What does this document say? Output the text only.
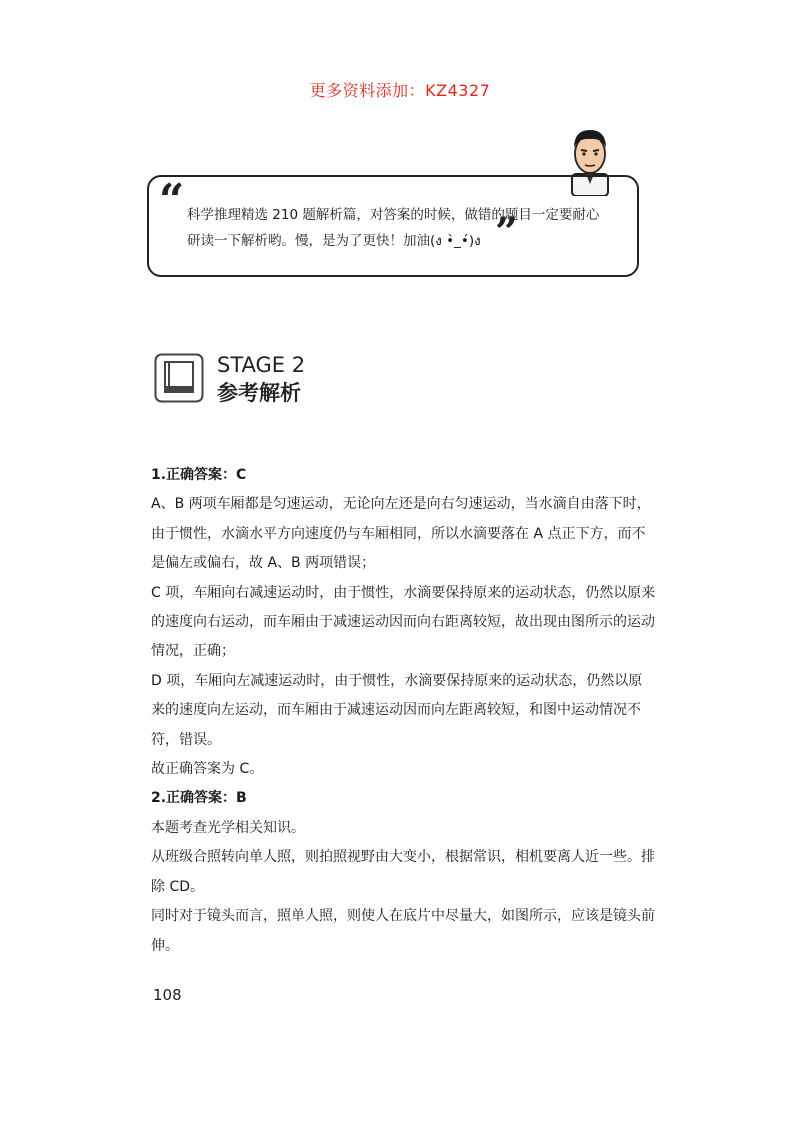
更多资料添加：KZ4327
“ 科学推理精选 210 题解析篇，对答案的时候，做错的题目一定要耐心
研读一下解析哟。慢，是为了更快！加油(ง •̀_•́)ง ”
STAGE 2
参考解析

1.正确答案：C

A、B 两项车厢都是匀速运动，无论向左还是向右匀速运动，当水滴自由落下时，由于惯性，水滴水平方向速度仍与车厢相同，所以水滴要落在 A 点正下方，而不是偏左或偏右，故 A、B 两项错误；

C 项，车厢向右减速运动时，由于惯性，水滴要保持原来的运动状态，仍然以原来的速度向右运动，而车厢由于减速运动因而向右距离较短，故出现由图所示的运动情况，正确；

D 项，车厢向左减速运动时，由于惯性，水滴要保持原来的运动状态，仍然以原来的速度向左运动，而车厢由于减速运动因而向左距离较短，和图中运动情况不符，错误。

故正确答案为 C。

2.正确答案：B

本题考查光学相关知识。

从班级合照转向单人照，则拍照视野由大变小，根据常识，相机要离人近一些。排除 CD。

同时对于镜头而言，照单人照，则使人在底片中尽量大，如图所示，应该是镜头前伸。

108
